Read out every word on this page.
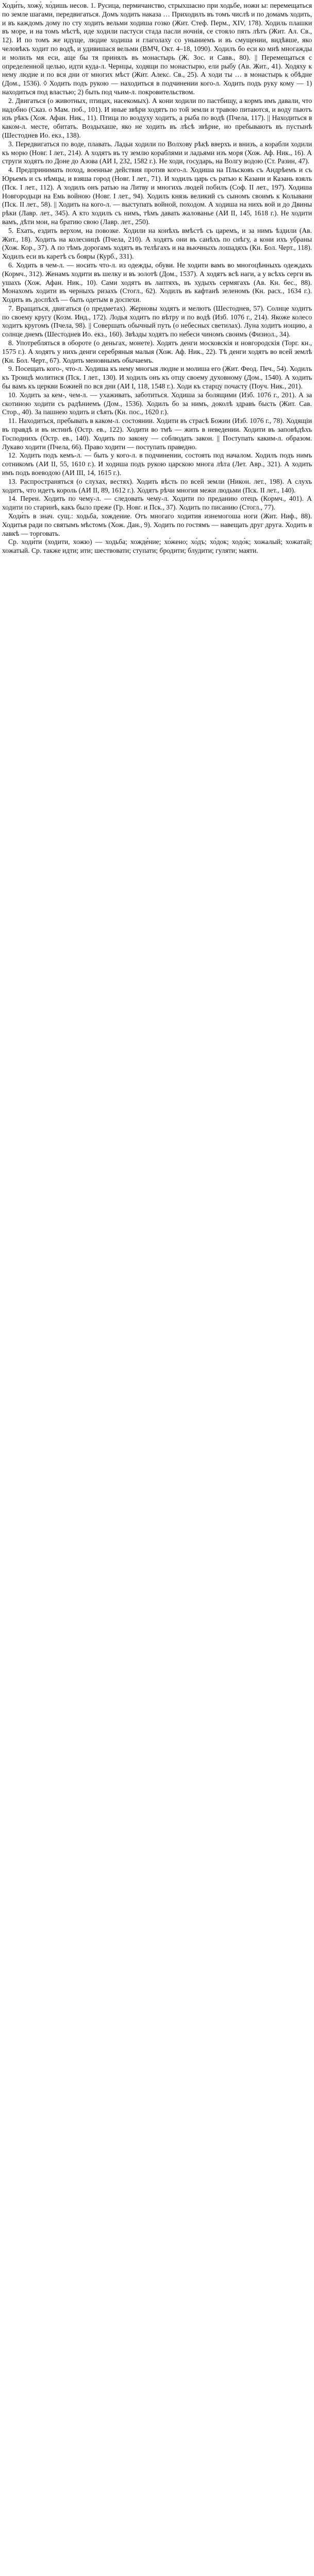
Ходи́ть, хожу́, хо́дишь несов. 1. Русица, пермичанство, стрыхшасно при ходьбе, ножн ы: перемещаться по земле шагами, передвигаться. Дoмъ ходить наказa … Приходилъ въ томъ числѣ и по домамъ ходить, и въ каждомъ дому по сту ходить вельми ходиша гозко (Жит. Стеф. Перм., XIV, 178). Ходиль плашки въ море, и на томъ мѣстѣ, иде ходили пастуси стада пасли ночнiя, се стояло пять лѣтъ (Жит. Ал. Св., 12). И по томъ же идуще, людие ходиша и глаголаху со уныниемъ и въ смущении, видѣвше, яко человѣкъ ходит по водѣ, и удивишася вельми (ВМЧ, Окт. 4–18, 1090). Ходилъ бо еси ко мнѣ многажды и молилъ мя еси, аще бы тя принялъ въ монастырь (Ж. Зос. и Савв., 80). || Перемещаться с определенной целью, идти куда-л. Чернцы, ходящи по монастырю, ели рыбу (Ав. Жит., 41). Ходяху к нему людие и по вся дни от многих мѣст (Жит. Алекс. Св., 25). А ходи ты … в монастырь к обѣдне (Дом., 1536). ◊ Ходить подъ рукою — находиться в подчинении кого-л. Ходить подъ руку кому — 1) находиться под властью; 2) быть под чьим-л. покровительством.

2. Двигаться (о животных, птицах, насекомых). А кони ходили по пастбищу, а кормъ имъ давали, что надобно (Сказ. о Мам. поб., 101). И иные звѣри ходятъ по той земли и травою питаются, и воду пьютъ изъ рѣкъ (Хож. Афан. Ник., 11). Птица по воздуху ходитъ, а рыба по водѣ (Пчела, 117). || Находиться в каком-л. месте, обитать. Воздыхаше, яко не ходить въ лѣсѣ звѣрие, но пребываютъ въ пустынѣ (Шестоднев Ио. екз., 138).

3. Передвигаться по воде, плавать. Ладьи ходили по Волхову рѣкѣ вверхъ и внизъ, а корабли ходили къ морю (Новг. I лет., 214). А ходятъ въ ту землю кораблями и ладьями изъ моря (Хож. Аф. Ник., 16). А струги ходятъ по Доне до Азова (АИ I, 232, 1582 г.). Не ходи, государь, на Волгу водою (Ст. Разин, 47).

4. Предпринимать поход, военные действия против кого-л. Ходиша на Пльсковъ съ Андрѣемъ и съ Юрьемъ и съ нѣмцы, и взяша город (Новг. I лет., 71). И ходилъ царь съ ратью к Казани и Казань взялъ (Пск. I лет., 112). А ходилъ онъ ратью на Литву и многихъ людей побилъ (Соф. II лет., 197). Ходиша Новгородьци на Емь войною (Новг. I лет., 94). Ходилъ князь великий съ сыномъ своимъ к Колывани (Пск. II лет., 58). || Ходить на кого-л. — выступать войной, походом. А ходиша на нихъ вой и до Двины рѣки (Лавр. лет., 345). А кто ходилъ съ нимъ, тѣмъ давать жалованье (АИ II, 145, 1618 г.). Не ходити вамъ, дѣти мои, на братию свою (Лавр. лет., 250).

5. Ехать, ездить верхом, на повозке. Ходили на конѣхъ вмѣстѣ съ царемъ, и за нимъ ѣздили (Ав. Жит., 18). Ходить на колесницѣ (Пчела, 210). А ходятъ они въ санѣхъ по снѣгу, а кони ихъ убраны (Хож. Кор., 37). А по тѣмъ дорогамъ ходятъ въ телѣгахъ и на вьючныхъ лошадяхъ (Кн. Бол. Черт., 118). Ходилъ еси въ каретѣ съ бояры (Курб., 331).

6. Ходить в чем-л. — носить что-л. из одежды, обуви. Не ходити вамъ во многоцѣнныхъ одеждахъ (Кормч., 312). Женамъ ходити въ шелку и въ золотѣ (Дом., 1537). А ходятъ всѣ наги, а у всѣхъ серги въ ушахъ (Хож. Афан. Ник., 10). Сами ходятъ въ лаптяхъ, въ худыхъ сермягахъ (Ав. Кн. бес., 88). Монахомъ ходити въ черныхъ ризахъ (Стогл., 62). Ходилъ въ кафтанѣ зеленомъ (Кн. расх., 1634 г.). Ходить въ доспѣхѣ — быть одетым в доспехи.

7. Вращаться, двигаться (о предметах). Жерновы ходятъ и мелютъ (Шестоднев, 57). Солнце ходитъ по своему кругу (Козм. Инд., 172). Лодья ходитъ по вѣтру и по водѣ (Изб. 1076 г., 214). Якоже колесо ходитъ кругомъ (Пчела, 98). || Совершать обычный путь (о небесных светилах). Луна ходитъ нощию, а солнце днемъ (Шестоднев Ио. екз., 160). Звѣзды ходятъ по небеси чиномъ своимъ (Физиол., 34).

8. Употребляться в обороте (о деньгах, монете). Ходятъ денги московскiя и новгородскiя (Торг. кн., 1575 г.). А ходятъ у нихъ денги серебряныя малыя (Хож. Аф. Ник., 22). Тѣ денги ходятъ во всей землѣ (Кн. Бол. Черт., 67). Ходить меновнымъ обычаемъ.

9. Посещать кого-, что-л. Ходиша къ нему многыя людие и молиша его (Жит. Феод. Печ., 54). Ходилъ къ Троицѣ молитися (Пск. I лет., 130). И ходилъ онъ къ отцу своему духовному (Дом., 1540). А ходить бы вамъ къ церкви Божией по вся дни (АИ I, 118, 1548 г.). Ходи къ старцу почасту (Поуч. Ник., 201).

10. Ходить за кем-, чем-л. — ухаживать, заботиться. Ходиша за болящими (Изб. 1076 г., 201). А за скотиною ходити съ радѣниемъ (Дом., 1536). Ходилъ бо за нимъ, доколѣ здравъ бысть (Жит. Сав. Стор., 40). За пашнею ходить и сѣять (Кн. пос., 1620 г.).

11. Находиться, пребывать в каком-л. состоянии. Ходити въ страсѣ Божии (Изб. 1076 г., 78). Ходящiи въ правдѣ и въ истинѣ (Остр. ев., 122). Ходити во тмѣ — жить в неведении. Ходити въ заповѣдѣхъ Господнихъ (Остр. ев., 140). Ходить по закону — соблюдать закон. || Поступать каким-л. образом. Лукаво ходити (Пчела, 66). Право ходити — поступать праведно.

12. Ходить подъ кемъ-л. — быть у кого-л. в подчинении, состоять под началом. Ходилъ подъ нимъ сотникомъ (АИ II, 55, 1610 г.). И ходиша подъ рукою царскою многа лѣта (Лет. Авр., 321). А ходить имъ подъ воеводою (АИ III, 14, 1615 г.).

13. Распространяться (о слухах, вестях). Ходить вѣсть по всей земли (Никон. лет., 198). А слухъ ходитъ, что идетъ король (АИ II, 89, 1612 г.). Ходятъ рѣчи многия межи людьми (Пск. II лет., 140).

14. Перен. Ходить по чему-л. — следовать чему-л. Ходити по преданию отецъ (Кормч., 401). А ходити по старинѣ, какъ было преже (Гр. Новг. и Пск., 37). Ходить по писанию (Стогл., 77).

Ходи́ть в знач. сущ.: ходьба, хождение. Отъ многаго ходития изнемогоша ноги (Жит. Ниф., 88). Ходитья ради по святымъ мѣстомъ (Хож. Дан., 9). Ходить по гостямъ — навещать друг друга. Ходить в лавкѣ — торговать.

Ср. ходи́ти (ходити, хожю) — ходьба; хожде́ние; хо́жено; хо́дъ; хо́док; ходо́к; хожалый; хожатай; хожатый. Ср. также идти; ити; шествовати; ступати; бродити; блудити; гуляти; маяти.
